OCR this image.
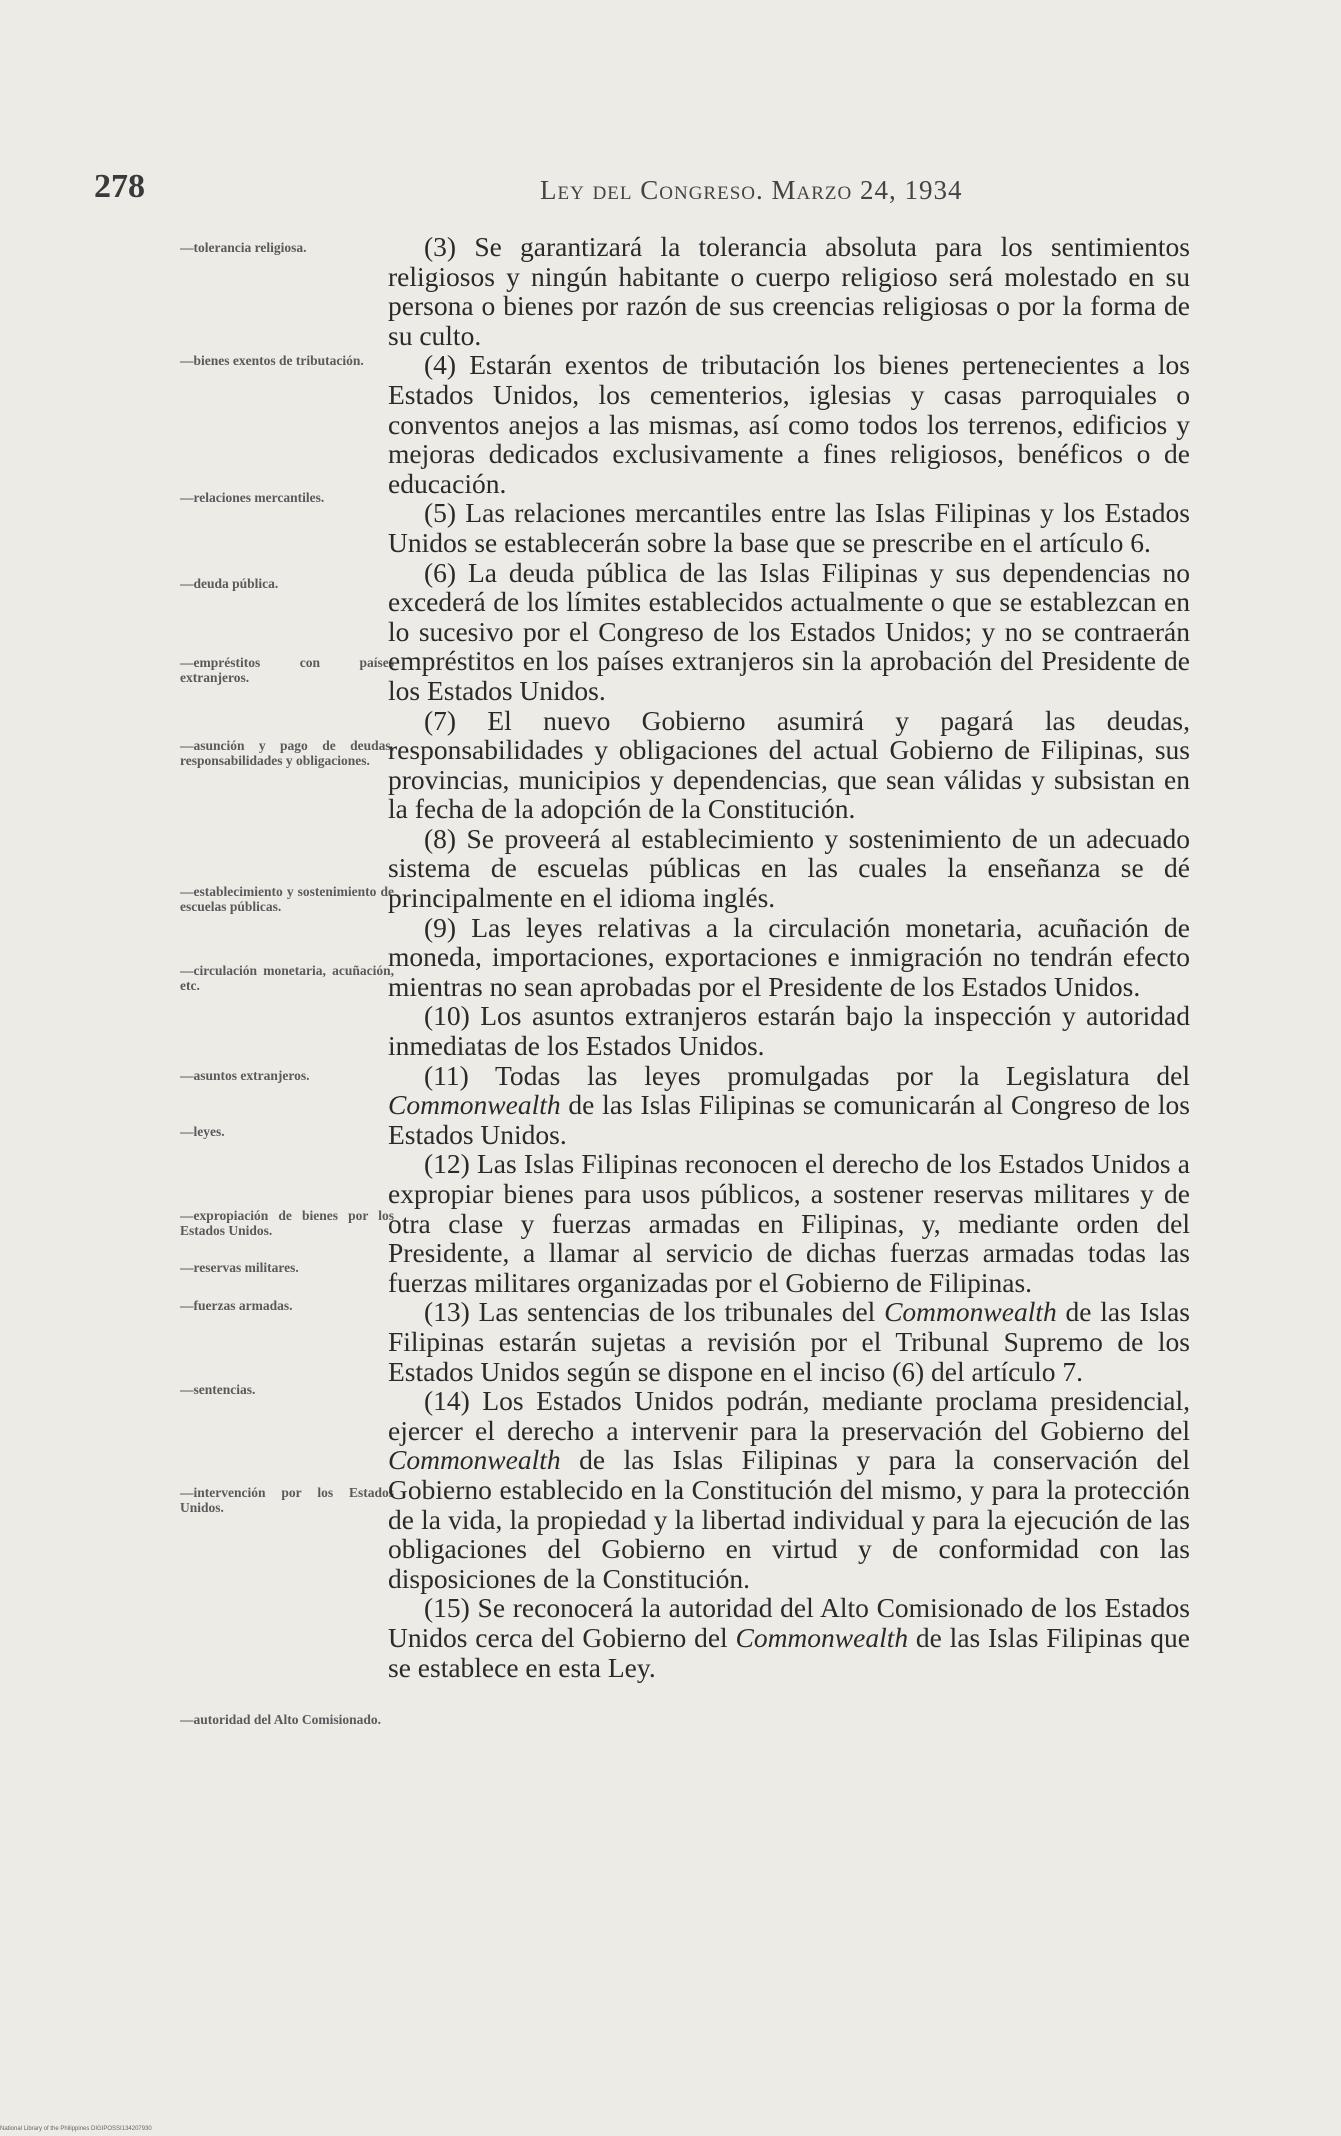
278	Ley del Congreso. Marzo 24, 1934
—tolerancia religiosa.
—bienes exentos de tributación.
—relaciones mercantiles.
—deuda pública.
—empréstitos con países extranjeros.
—asunción y pago de deudas, responsabilidades y obligaciones.
—establecimiento y sostenimiento de escuelas públicas.
—circulación monetaria, acuñación, etc.
—asuntos extranjeros.
—leyes.
—expropiación de bienes por los Estados Unidos.
—reservas militares.
—fuerzas armadas.
—sentencias.
—intervención por los Estados Unidos.
—autoridad del Alto Comisionado.

(3) Se garantizará la tolerancia absoluta para los sentimientos religiosos y ningún habitante o cuerpo religioso será molestado en su persona o bienes por razón de sus creencias religiosas o por la forma de su culto.

(4) Estarán exentos de tributación los bienes pertenecientes a los Estados Unidos, los cementerios, iglesias y casas parroquiales o conventos anejos a las mismas, así como todos los terrenos, edificios y mejoras dedicados exclusivamente a fines religiosos, benéficos o de educación.

(5) Las relaciones mercantiles entre las Islas Filipinas y los Estados Unidos se establecerán sobre la base que se prescribe en el artículo 6.

(6) La deuda pública de las Islas Filipinas y sus dependencias no excederá de los límites establecidos actualmente o que se establezcan en lo sucesivo por el Congreso de los Estados Unidos; y no se contraerán empréstitos en los países extranjeros sin la aprobación del Presidente de los Estados Unidos.

(7) El nuevo Gobierno asumirá y pagará las deudas, responsabilidades y obligaciones del actual Gobierno de Filipinas, sus provincias, municipios y dependencias, que sean válidas y subsistan en la fecha de la adopción de la Constitución.

(8) Se proveerá al establecimiento y sostenimiento de un adecuado sistema de escuelas públicas en las cuales la enseñanza se dé principalmente en el idioma inglés.

(9) Las leyes relativas a la circulación monetaria, acuñación de moneda, importaciones, exportaciones e inmigración no tendrán efecto mientras no sean aprobadas por el Presidente de los Estados Unidos.

(10) Los asuntos extranjeros estarán bajo la inspección y autoridad inmediatas de los Estados Unidos.

(11) Todas las leyes promulgadas por la Legislatura del Commonwealth de las Islas Filipinas se comunicarán al Congreso de los Estados Unidos.

(12) Las Islas Filipinas reconocen el derecho de los Estados Unidos a expropiar bienes para usos públicos, a sostener reservas militares y de otra clase y fuerzas armadas en Filipinas, y, mediante orden del Presidente, a llamar al servicio de dichas fuerzas armadas todas las fuerzas militares organizadas por el Gobierno de Filipinas.

(13) Las sentencias de los tribunales del Commonwealth de las Islas Filipinas estarán sujetas a revisión por el Tribunal Supremo de los Estados Unidos según se dispone en el inciso (6) del artículo 7.

(14) Los Estados Unidos podrán, mediante proclama presidencial, ejercer el derecho a intervenir para la preservación del Gobierno del Commonwealth de las Islas Filipinas y para la conservación del Gobierno establecido en la Constitución del mismo, y para la protección de la vida, la propiedad y la libertad individual y para la ejecución de las obligaciones del Gobierno en virtud y de conformidad con las disposiciones de la Constitución.

(15) Se reconocerá la autoridad del Alto Comisionado de los Estados Unidos cerca del Gobierno del Commonwealth de las Islas Filipinas que se establece en esta Ley.

National Library of the Philippines DIGIPOSSI134207930
